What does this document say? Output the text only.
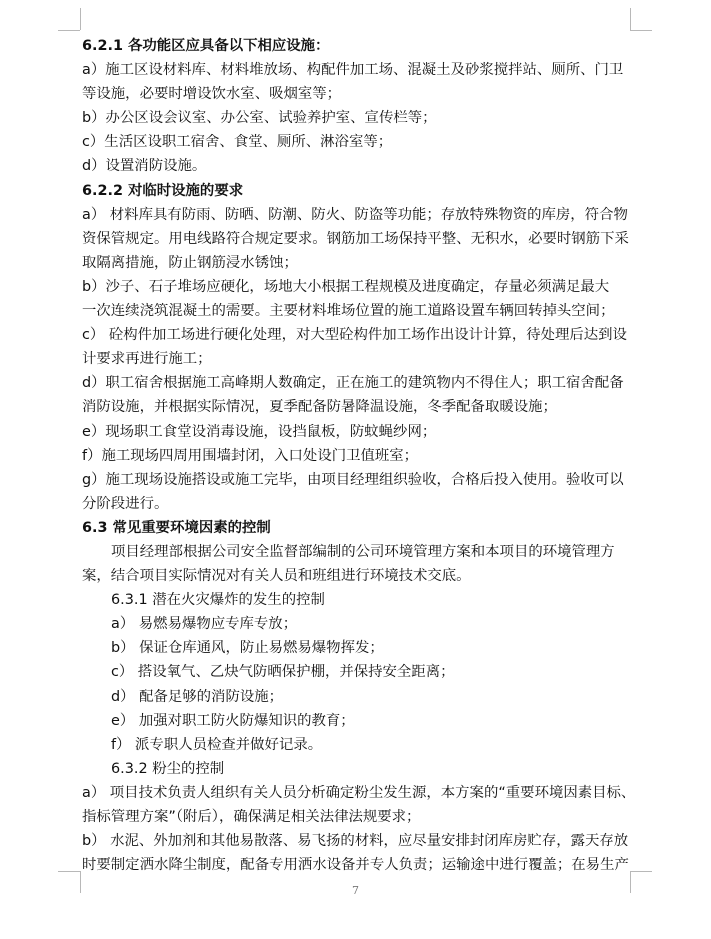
6.2.1 各功能区应具备以下相应设施：
a）施工区设材料库、材料堆放场、构配件加工场、混凝土及砂浆搅拌站、厕所、门卫
等设施，必要时增设饮水室、吸烟室等；
b）办公区设会议室、办公室、试验养护室、宣传栏等；
c）生活区设职工宿舍、食堂、厕所、淋浴室等；
d）设置消防设施。
6.2.2 对临时设施的要求
a） 材料库具有防雨、防晒、防潮、防火、防盗等功能；存放特殊物资的库房，符合物
资保管规定。用电线路符合规定要求。钢筋加工场保持平整、无积水，必要时钢筋下采
取隔离措施，防止钢筋浸水锈蚀；
b）沙子、石子堆场应硬化，场地大小根据工程规模及进度确定，存量必须满足最大
一次连续浇筑混凝土的需要。主要材料堆场位置的施工道路设置车辆回转掉头空间；
c） 砼构件加工场进行硬化处理，对大型砼构件加工场作出设计计算，待处理后达到设
计要求再进行施工；
d）职工宿舍根据施工高峰期人数确定，正在施工的建筑物内不得住人；职工宿舍配备
消防设施，并根据实际情况，夏季配备防暑降温设施，冬季配备取暖设施；
e）现场职工食堂设消毒设施，设挡鼠板，防蚊蝇纱网；
f）施工现场四周用围墙封闭，入口处设门卫值班室；
g）施工现场设施搭设或施工完毕，由项目经理组织验收，合格后投入使用。验收可以
分阶段进行。
6.3 常见重要环境因素的控制
项目经理部根据公司安全监督部编制的公司环境管理方案和本项目的环境管理方
案，结合项目实际情况对有关人员和班组进行环境技术交底。
6.3.1 潜在火灾爆炸的发生的控制
a） 易燃易爆物应专库专放；
b） 保证仓库通风，防止易燃易爆物挥发；
c） 搭设氧气、乙炔气防晒保护棚，并保持安全距离；
d） 配备足够的消防设施；
e） 加强对职工防火防爆知识的教育；
f） 派专职人员检查并做好记录。
6.3.2 粉尘的控制
a） 项目技术负责人组织有关人员分析确定粉尘发生源，本方案的“重要环境因素目标、
指标管理方案”（附后），确保满足相关法律法规要求；
b） 水泥、外加剂和其他易散落、易飞扬的材料，应尽量安排封闭库房贮存，露天存放
时要制定洒水降尘制度，配备专用洒水设备并专人负责；运输途中进行覆盖；在易生产
7
